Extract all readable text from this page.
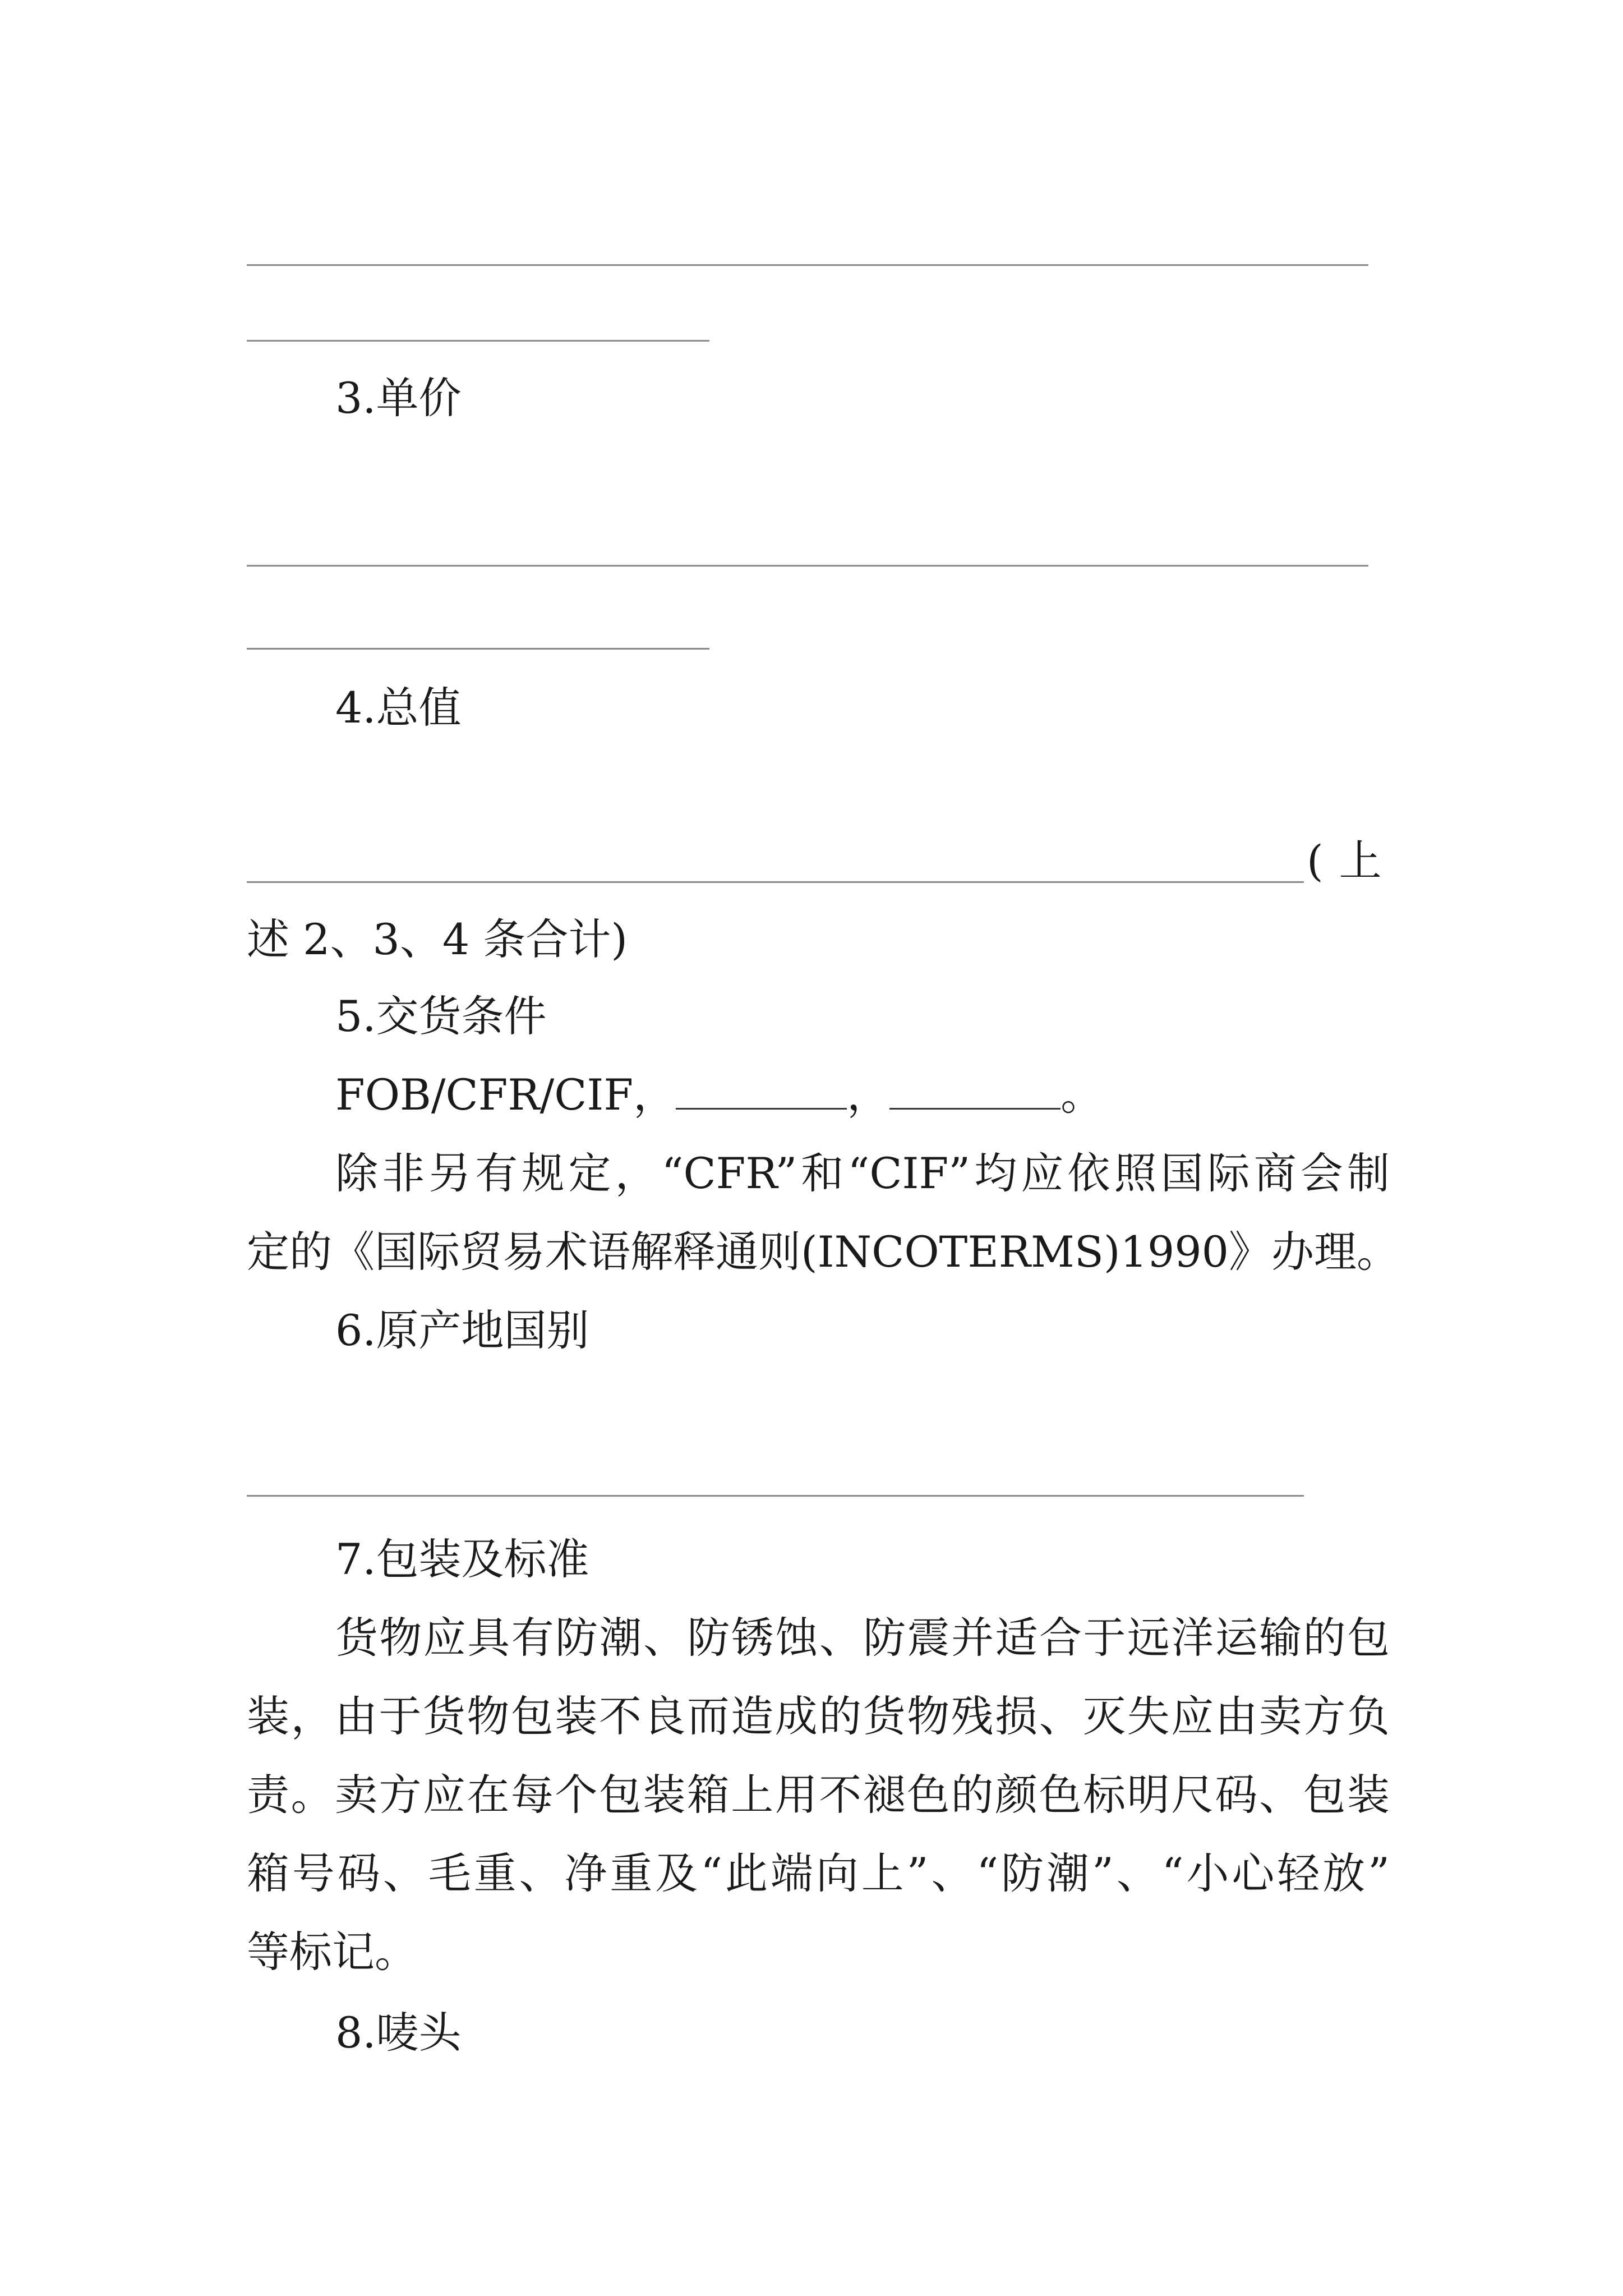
3.单价
4.总值
(上
述 2、3、4 条合计)
5.交货条件
FOB/CFR/CIF，	，	。
除非另有规定，“CFR”和“CIF”均应依照国际商会制
定的《国际贸易术语解释通则(INCOTERMS)1990》办理。
6.原产地国别
7.包装及标准
货物应具有防潮、防锈蚀、防震并适合于远洋运输的包
装，由于货物包装不良而造成的货物残损、灭失应由卖方负
责。卖方应在每个包装箱上用不褪色的颜色标明尺码、包装
箱号码、毛重、净重及“此端向上”、“防潮”、“小心轻放”
等标记。
8.唛头
